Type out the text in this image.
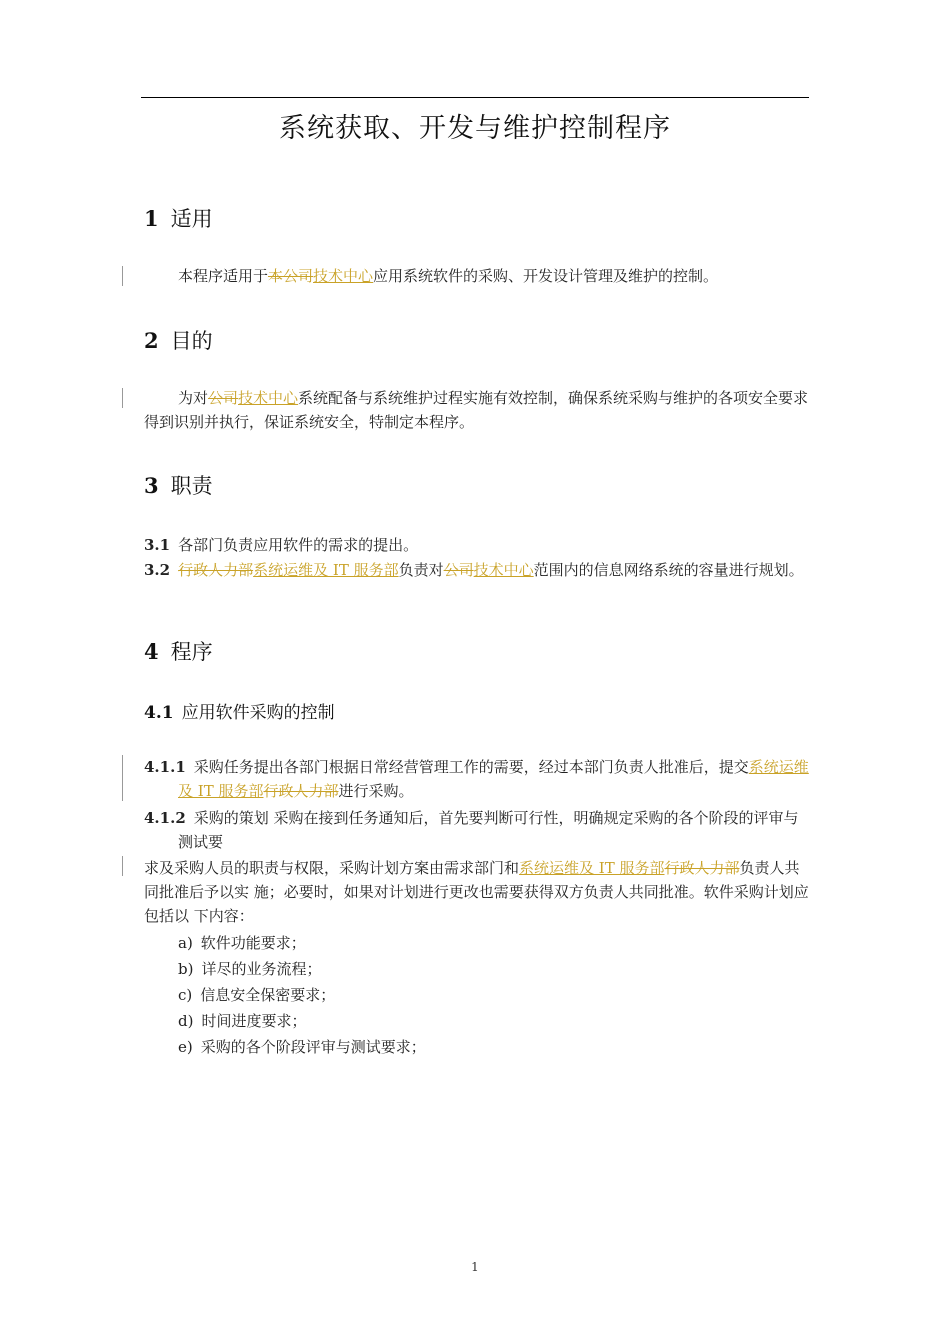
系统获取、开发与维护控制程序
1 适用
本程序适用于本公司技术中心应用系统软件的采购、开发设计管理及维护的控制。
2 目的
为对公司技术中心系统配备与系统维护过程实施有效控制，确保系统采购与维护的各项安全要求 得到识别并执行，保证系统安全，特制定本程序。
3 职责
3.1 各部门负责应用软件的需求的提出。
3.2 行政人力部系统运维及 IT 服务部负责对公司技术中心范围内的信息网络系统的容量进行规划。
4 程序
4.1 应用软件采购的控制
4.1.1 采购任务提出各部门根据日常经营管理工作的需要，经过本部门负责人批准后，提交系统运维及 IT 服务部行政人力部进行采购。
4.1.2 采购的策划 采购在接到任务通知后，首先要判断可行性，明确规定采购的各个阶段的评审与测试要
求及采购人员的职责与权限，采购计划方案由需求部门和系统运维及 IT 服务部行政人力部负责人共同批准后予以实 施；必要时，如果对计划进行更改也需要获得双方负责人共同批准。软件采购计划应包括以 下内容：
a) 软件功能要求；
b) 详尽的业务流程；
c) 信息安全保密要求；
d) 时间进度要求；
e) 采购的各个阶段评审与测试要求；
1
